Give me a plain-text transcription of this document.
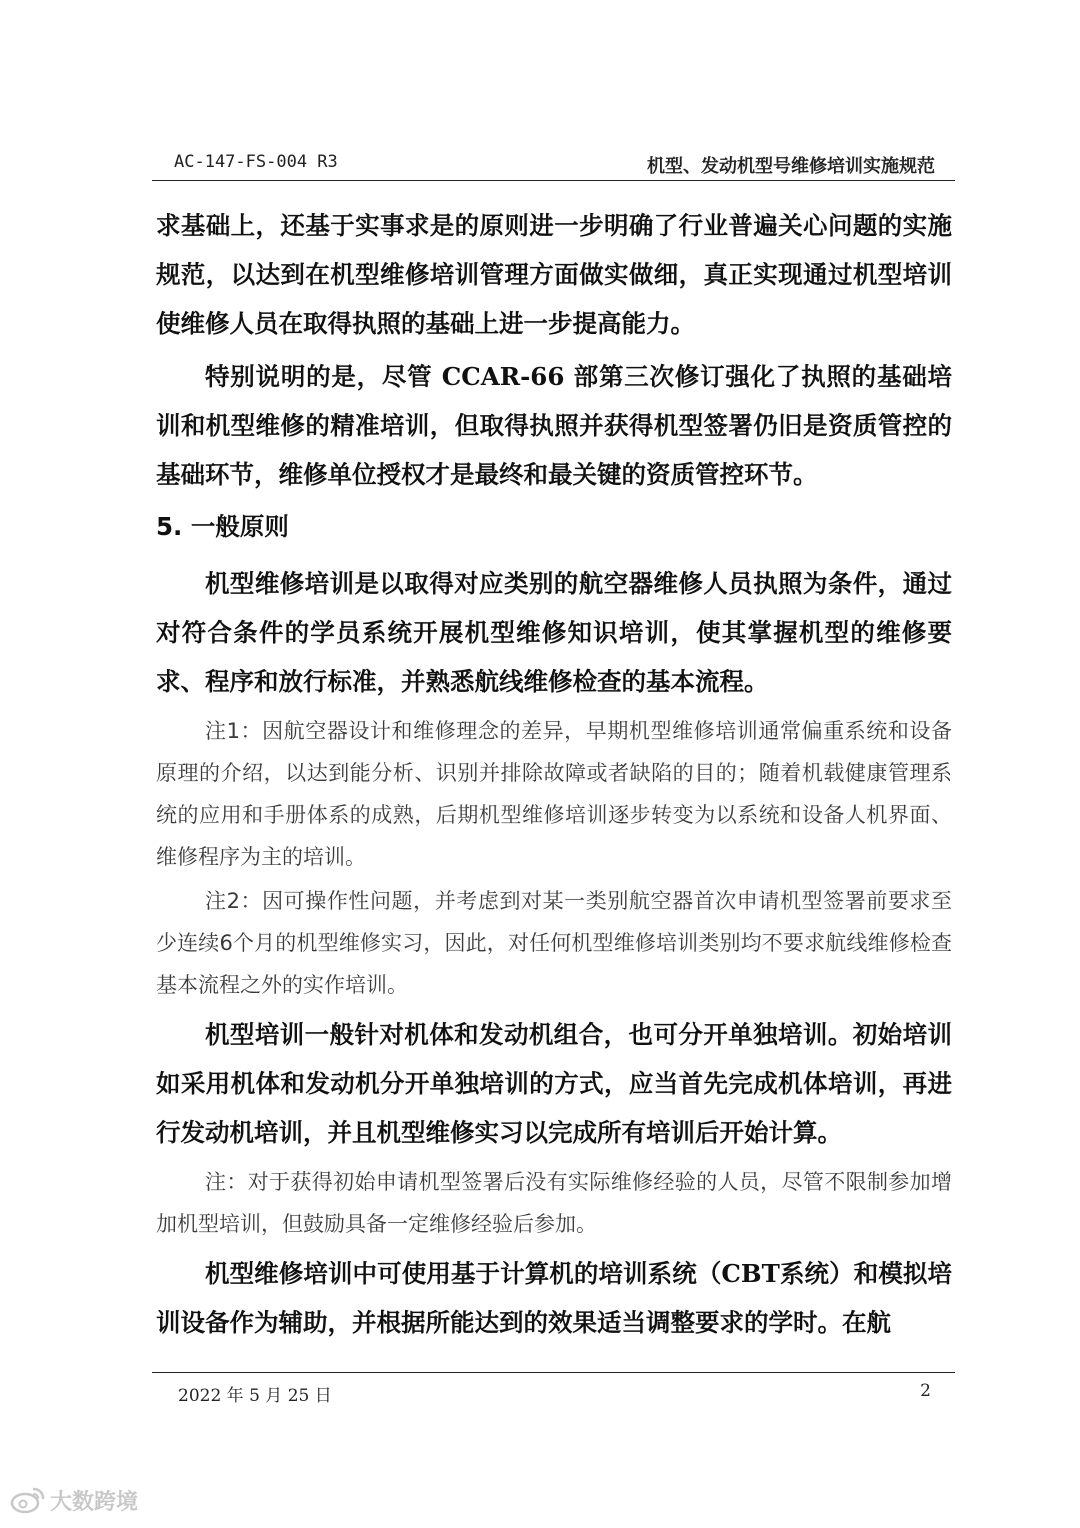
AC-147-FS-004 R3	机型、发动机型号维修培训实施规范

求基础上，还基于实事求是的原则进一步明确了行业普遍关心问题的实施规范，以达到在机型维修培训管理方面做实做细，真正实现通过机型培训使维修人员在取得执照的基础上进一步提高能力。

特别说明的是，尽管 CCAR-66 部第三次修订强化了执照的基础培训和机型维修的精准培训，但取得执照并获得机型签署仍旧是资质管控的基础环节，维修单位授权才是最终和最关键的资质管控环节。

5. 一般原则

机型维修培训是以取得对应类别的航空器维修人员执照为条件，通过对符合条件的学员系统开展机型维修知识培训，使其掌握机型的维修要求、程序和放行标准，并熟悉航线维修检查的基本流程。

注1：因航空器设计和维修理念的差异，早期机型维修培训通常偏重系统和设备原理的介绍，以达到能分析、识别并排除故障或者缺陷的目的；随着机载健康管理系统的应用和手册体系的成熟，后期机型维修培训逐步转变为以系统和设备人机界面、维修程序为主的培训。

注2：因可操作性问题，并考虑到对某一类别航空器首次申请机型签署前要求至少连续6个月的机型维修实习，因此，对任何机型维修培训类别均不要求航线维修检查基本流程之外的实作培训。

机型培训一般针对机体和发动机组合，也可分开单独培训。初始培训如采用机体和发动机分开单独培训的方式，应当首先完成机体培训，再进行发动机培训，并且机型维修实习以完成所有培训后开始计算。

注：对于获得初始申请机型签署后没有实际维修经验的人员，尽管不限制参加增加机型培训，但鼓励具备一定维修经验后参加。

机型维修培训中可使用基于计算机的培训系统（CBT系统）和模拟培训设备作为辅助，并根据所能达到的效果适当调整要求的学时。在航

2022 年 5 月 25 日	2
大数跨境
